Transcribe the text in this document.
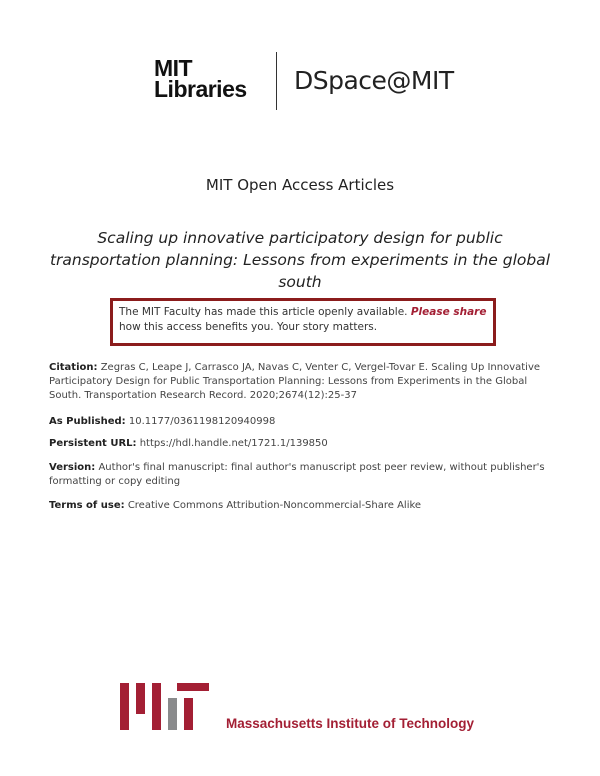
MIT
Libraries DSpace@MIT
MIT Open Access Articles
Scaling up innovative participatory design for public transportation planning: Lessons from experiments in the global south
The MIT Faculty has made this article openly available. Please share
how this access benefits you. Your story matters.
Citation: Zegras C, Leape J, Carrasco JA, Navas C, Venter C, Vergel-Tovar E. Scaling Up Innovative Participatory Design for Public Transportation Planning: Lessons from Experiments in the Global South. Transportation Research Record. 2020;2674(12):25-37
As Published: 10.1177/0361198120940998
Persistent URL: https://hdl.handle.net/1721.1/139850
Version: Author's final manuscript: final author's manuscript post peer review, without publisher's formatting or copy editing
Terms of use: Creative Commons Attribution-Noncommercial-Share Alike
Massachusetts Institute of Technology
